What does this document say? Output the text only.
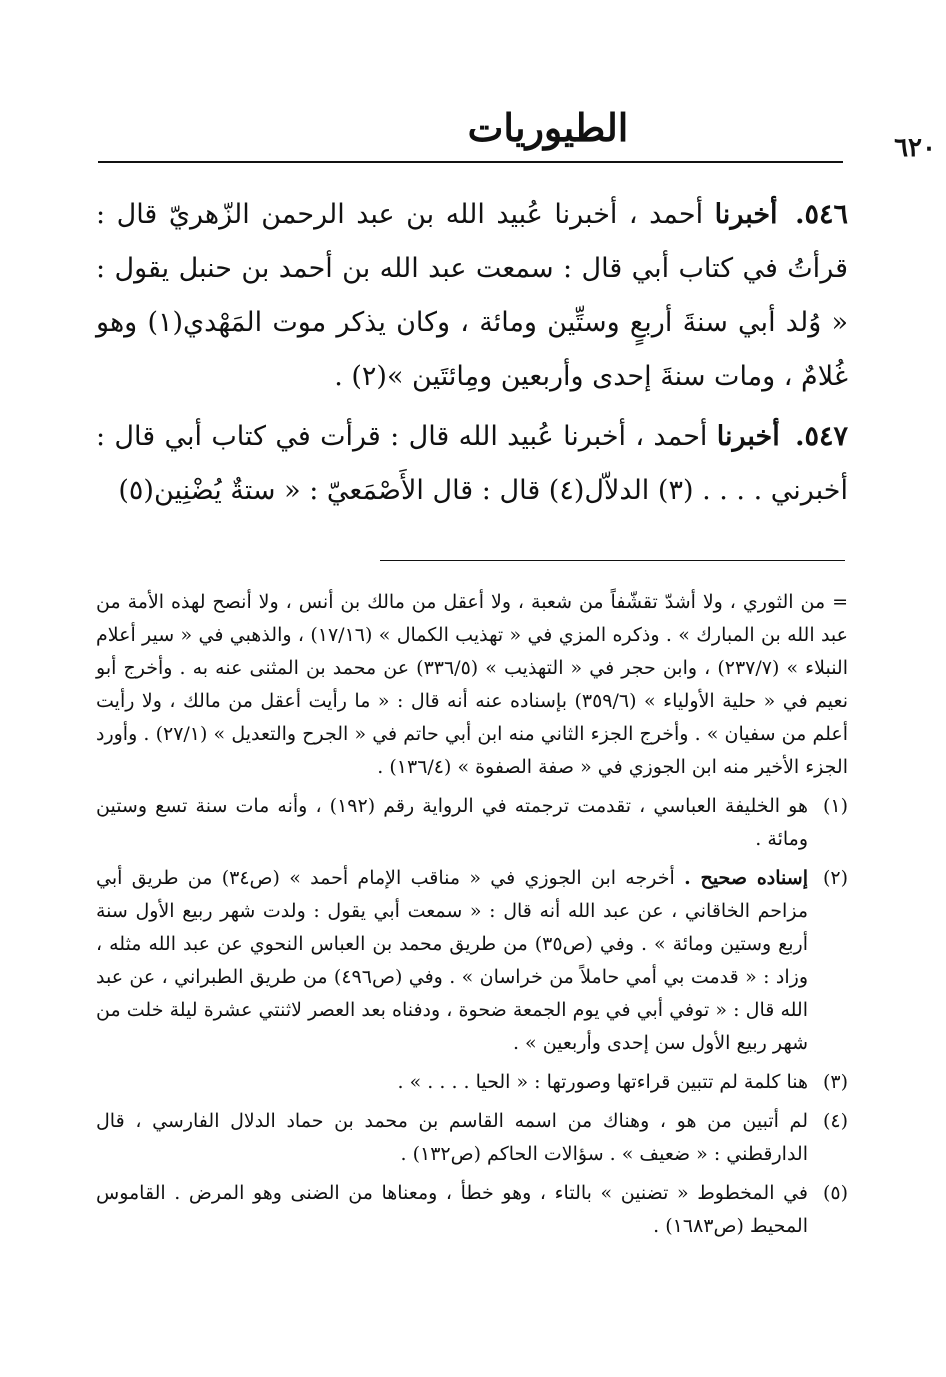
٦٢٠
الطيوريات

٥٤٦. أخبرنا أحمد ، أخبرنا عُبيد الله بن عبد الرحمن الزّهريّ قال : قرأتُ في كتاب أبي قال : سمعت عبد الله بن أحمد بن حنبل يقول : « وُلد أبي سنةَ أربعٍ وستِّين ومائة ، وكان يذكر موت المَهْدي(١) وهو غُلامٌ ، ومات سنةَ إحدى وأربعين ومِائتَين »(٢) .

٥٤٧. أخبرنا أحمد ، أخبرنا عُبيد الله قال : قرأت في كتاب أبي قال : أخبرني . . . . (٣) الدلاّل(٤) قال : قال الأَصْمَعيّ : « ستةٌ يُضْنِين(٥)

= من الثوري ، ولا أشدّ تقشّفاً من شعبة ، ولا أعقل من مالك بن أنس ، ولا أنصح لهذه الأمة من عبد الله بن المبارك » . وذكره المزي في « تهذيب الكمال » (١٧/١٦) ، والذهبي في « سير أعلام النبلاء » (٢٣٧/٧) ، وابن حجر في « التهذيب » (٣٣٦/٥) عن محمد بن المثنى عنه به . وأخرج أبو نعيم في « حلية الأولياء » (٣٥٩/٦) بإسناده عنه أنه قال : « ما رأيت أعقل من مالك ، ولا رأيت أعلم من سفيان » . وأخرج الجزء الثاني منه ابن أبي حاتم في « الجرح والتعديل » (٢٧/١) . وأورد الجزء الأخير منه ابن الجوزي في « صفة الصفوة » (١٣٦/٤) .

(١)
هو الخليفة العباسي ، تقدمت ترجمته في الرواية رقم (١٩٢) ، وأنه مات سنة تسع وستين ومائة .

(٢)
إسناده صحيح . أخرجه ابن الجوزي في « مناقب الإمام أحمد » (ص٣٤) من طريق أبي مزاحم الخاقاني ، عن عبد الله أنه قال : « سمعت أبي يقول : ولدت شهر ربيع الأول سنة أربع وستين ومائة » . وفي (ص٣٥) من طريق محمد بن العباس النحوي عن عبد الله مثله ، وزاد : « قدمت بي أمي حاملاً من خراسان » . وفي (ص٤٩٦) من طريق الطبراني ، عن عبد الله قال : « توفي أبي في يوم الجمعة ضحوة ، ودفناه بعد العصر لاثنتي عشرة ليلة خلت من شهر ربيع الأول سن إحدى وأربعين » .

(٣)
هنا كلمة لم تتبين قراءتها وصورتها : « الحيا . . . . » .

(٤)
لم أتبين من هو ، وهناك من اسمه القاسم بن محمد بن حماد الدلال الفارسي ، قال الدارقطني : « ضعيف » . سؤالات الحاكم (ص١٣٢) .

(٥)
في المخطوط « تضنين » بالتاء ، وهو خطأ ، ومعناها من الضنى وهو المرض . القاموس المحيط (ص١٦٨٣) .
